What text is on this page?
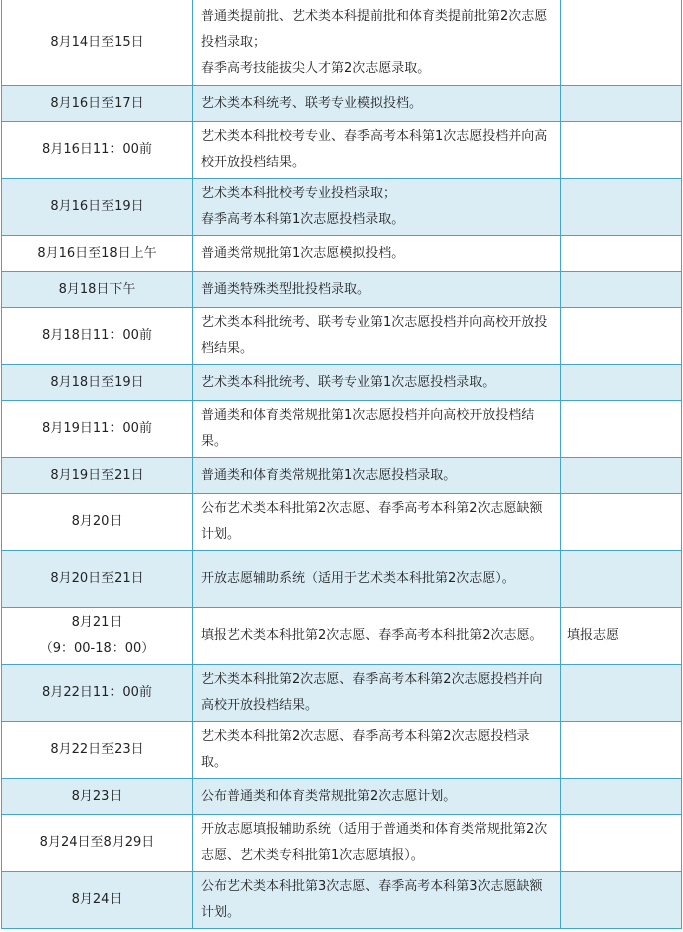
8月14日至15日	普通类提前批、艺术类本科提前批和体育类提前批第2次志愿投档录取；
春季高考技能拔尖人才第2次志愿录取。	

8月16日至17日	艺术类本科统考、联考专业模拟投档。	

8月16日11：00前	艺术类本科批校考专业、春季高考本科第1次志愿投档并向高校开放投档结果。	

8月16日至19日	艺术类本科批校考专业投档录取；
春季高考本科第1次志愿投档录取。	

8月16日至18日上午	普通类常规批第1次志愿模拟投档。	

8月18日下午	普通类特殊类型批投档录取。	

8月18日11：00前	艺术类本科批统考、联考专业第1次志愿投档并向高校开放投档结果。	

8月18日至19日	艺术类本科批统考、联考专业第1次志愿投档录取。	

8月19日11：00前	普通类和体育类常规批第1次志愿投档并向高校开放投档结果。	

8月19日至21日	普通类和体育类常规批第1次志愿投档录取。	

8月20日	公布艺术类本科批第2次志愿、春季高考本科第2次志愿缺额计划。	

8月20日至21日	开放志愿辅助系统（适用于艺术类本科批第2次志愿）。	

8月21日
（9：00-18：00）	填报艺术类本科批第2次志愿、春季高考本科批第2次志愿。	填报志愿

8月22日11：00前	艺术类本科批第2次志愿、春季高考本科第2次志愿投档并向高校开放投档结果。	

8月22日至23日	艺术类本科批第2次志愿、春季高考本科第2次志愿投档录取。	

8月23日	公布普通类和体育类常规批第2次志愿计划。	

8月24日至8月29日	开放志愿填报辅助系统（适用于普通类和体育类常规批第2次志愿、艺术类专科批第1次志愿填报）。	

8月24日	公布艺术类本科批第3次志愿、春季高考本科第3次志愿缺额计划。	
